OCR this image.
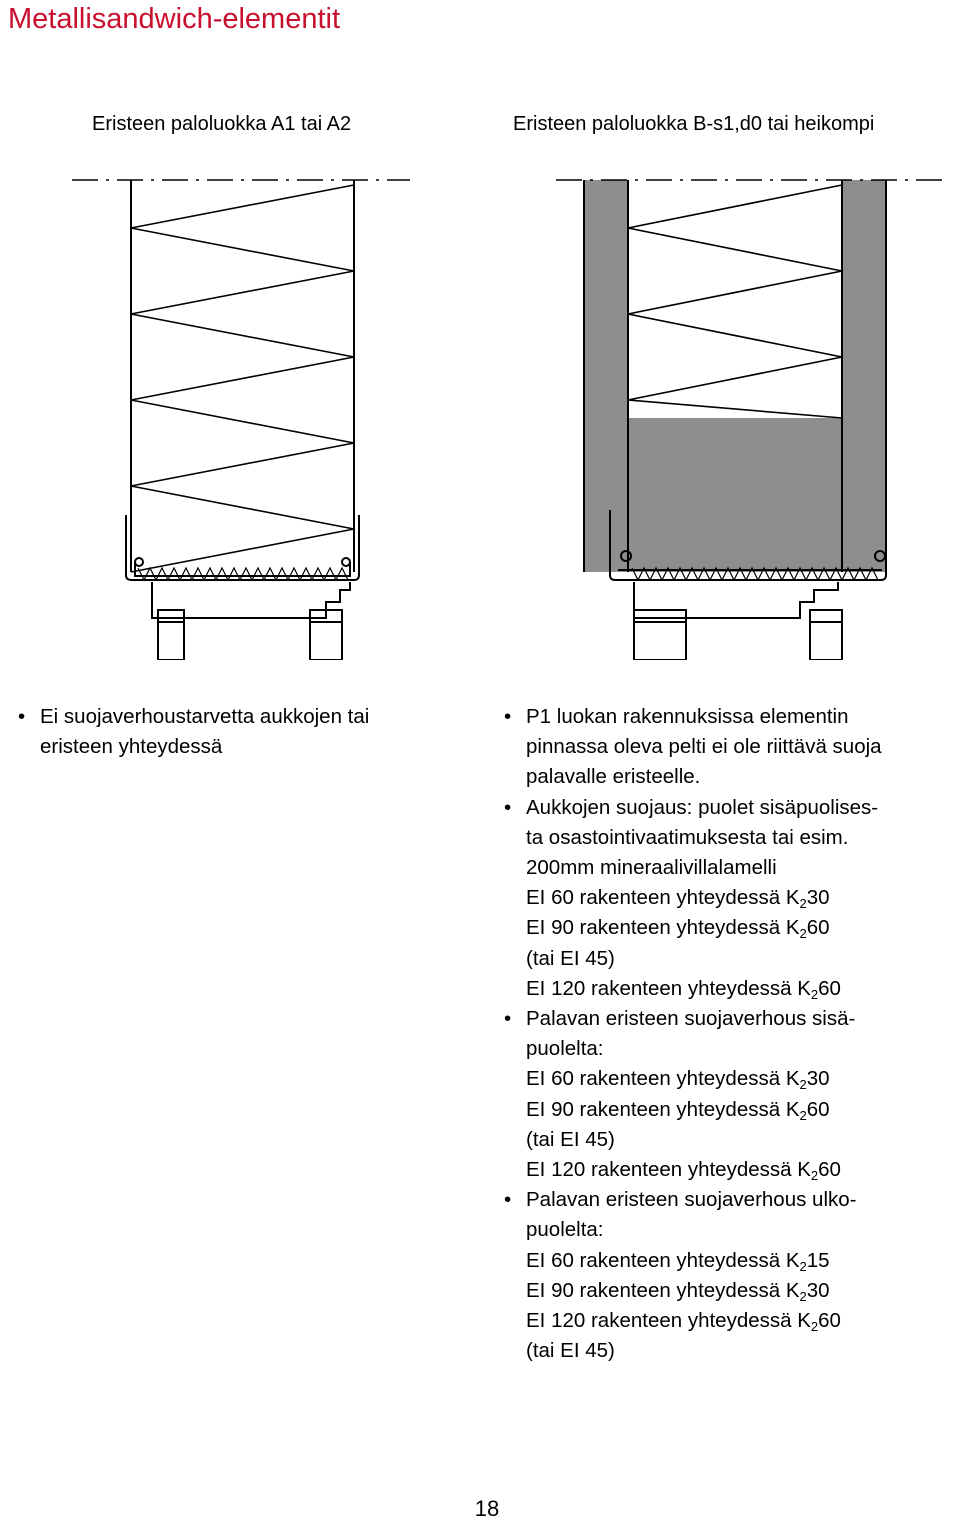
Metallisandwich-elementit
Eristeen paloluokka A1 tai A2	Eristeen paloluokka B-s1,d0 tai heikompi
• Ei suojaverhoustarvetta aukkojen tai
eristeen yhteydessä
• P1 luokan rakennuksissa elementin
pinnassa oleva pelti ei ole riittävä suoja
palavalle eristeelle.
• Aukkojen suojaus: puolet sisäpuolises-
ta osastointivaatimuksesta tai esim.
200mm mineraalivillalamelli
EI 60 rakenteen yhteydessä $K_230$
EI 90 rakenteen yhteydessä $K_260$
(tai EI 45)
EI 120 rakenteen yhteydessä $K_260$
• Palavan eristeen suojaverhous sisä-
puolelta:
EI 60 rakenteen yhteydessä $K_230$
EI 90 rakenteen yhteydessä $K_260$
(tai EI 45)
EI 120 rakenteen yhteydessä $K_260$
• Palavan eristeen suojaverhous ulko-
puolelta:
EI 60 rakenteen yhteydessä $K_215$
EI 90 rakenteen yhteydessä $K_230$
EI 120 rakenteen yhteydessä $K_260$
(tai EI 45)
18
